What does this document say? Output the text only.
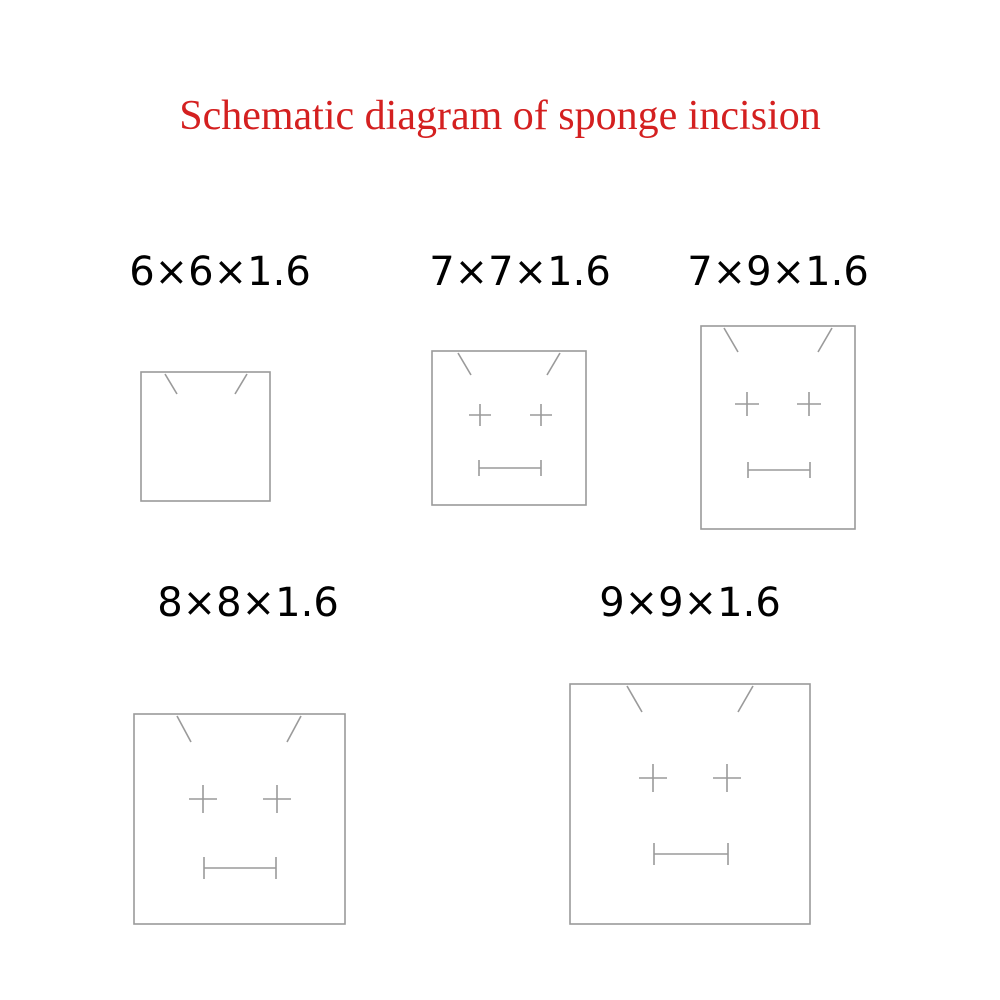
Schematic diagram of sponge incision
6×6×1.6	7×7×1.6	7×9×1.6
8×8×1.6	9×9×1.6
